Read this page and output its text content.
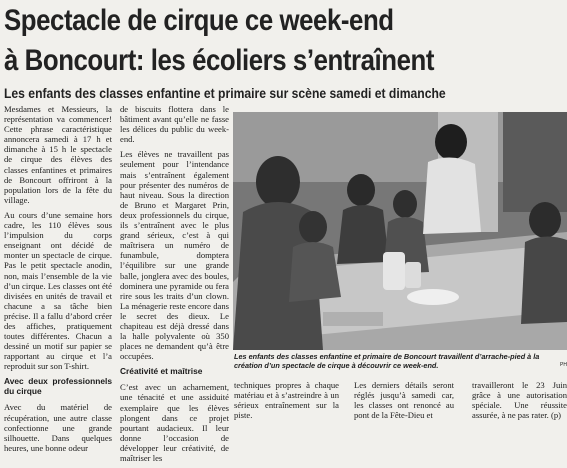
Spectacle de cirque ce week-end
à Boncourt: les écoliers s’entraînent
Les enfants des classes enfantine et primaire sur scène samedi et dimanche

Mesdames et Messieurs, la représentation va commencer! Cette phrase caractéristique annoncera samedi à 17 h et dimanche à 15 h le spectacle de cirque des élèves des classes enfantines et primaires de Boncourt offriront à la population lors de la fête du village.

Au cours d’une semaine hors cadre, les 110 élèves sous l’impulsion du corps enseignant ont décidé de monter un spectacle de cirque. Pas le petit spectacle anodin, non, mais l’ensemble de la vie d’un cirque. Les classes ont été divisées en unités de travail et chacune a sa tâche bien précise. Il a fallu d’abord créer des affiches, pratiquement toutes différentes. Chacun a dessiné un motif sur papier se rapportant au cirque et l’a reproduit sur son T-shirt.

Avec deux professionnels du cirque

Avec du matériel de récupération, une autre classe confectionne une grande silhouette. Dans quelques heures, une bonne odeur

de biscuits flottera dans le bâtiment avant qu’elle ne fasse les délices du public du week-end.

Les élèves ne travaillent pas seulement pour l’intendance mais s’entraînent également pour présenter des numéros de haut niveau. Sous la direction de Bruno et Margaret Prin, deux professionnels du cirque, ils s’entraînent avec le plus grand sérieux, c’est à qui maîtrisera un numéro de funambule, domptera l’équilibre sur une grande balle, jonglera avec des boules, dominera une pyramide ou fera rire sous les traits d’un clown. La ménagerie reste encore dans le secret des dieux. Le chapiteau est déjà dressé dans la halle polyvalente où 350 places ne demandent qu’à être occupées.

Créativité et maîtrise

C’est avec un acharnement, une ténacité et une assiduité exemplaire que les élèves plongent dans ce projet pourtant audacieux. Il leur donne l’occasion de développer leur créativité, de maîtriser les

Les enfants des classes enfantine et primaire de Boncourt travaillent d’arrache-pied à la création d’un spectacle de cirque à découvrir ce week-end.	PH

techniques propres à chaque matériau et à s’astreindre à un sérieux entraînement sur la piste.

Les derniers détails seront réglés jusqu’à samedi car, les classes ont renoncé au pont de la Fête-Dieu et

travailleront le 23 Juin grâce à une autorisation spéciale. Une réussite assurée, à ne pas rater. (p)
